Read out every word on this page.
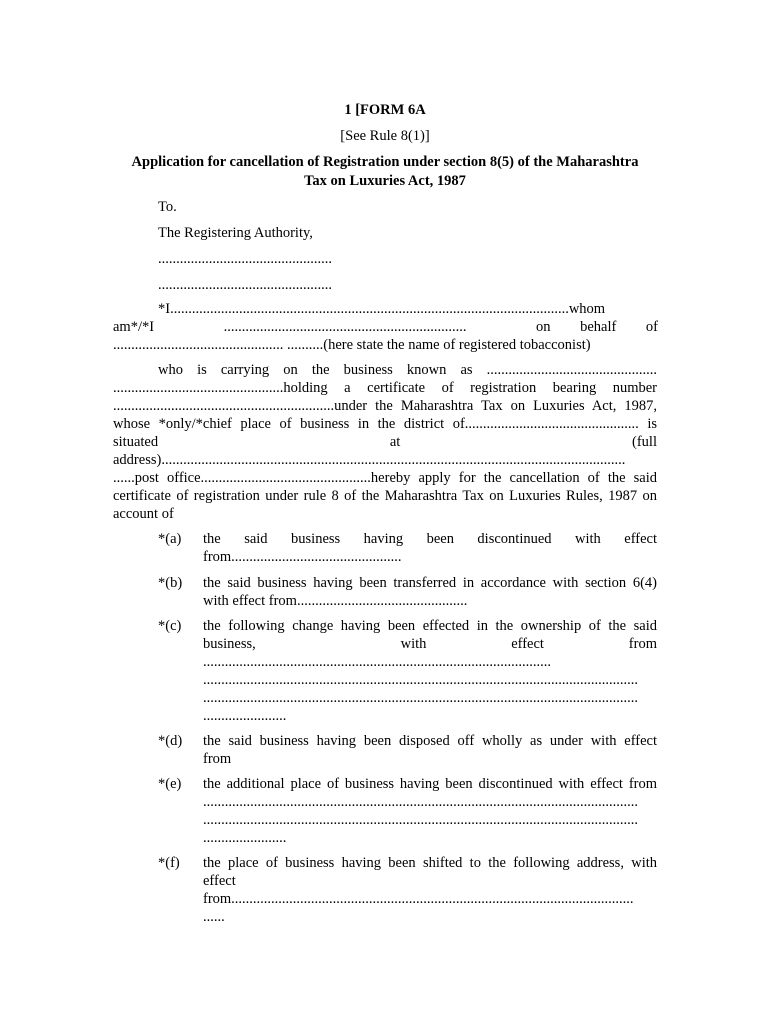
1 [FORM 6A
[See Rule 8(1)]
Application for cancellation of Registration under section 8(5) of the Maharashtra
Tax on Luxuries Act, 1987
To.
The Registering Authority,
................................................
................................................
*I..............................................................................................................whom
am*/*I	...................................................................	on behalf of
............................................... ..........(here state the name of registered tobacconist)
who is carrying on the business known as ...............................................
...............................................holding a certificate of registration bearing number
.............................................................under the Maharashtra Tax on Luxuries Act, 1987,
whose *only/*chief place of business in the district of................................................ is
situated	at	(full
address)................................................................................................................................
......post office...............................................hereby apply for the cancellation of the said
certificate of registration under rule 8 of the Maharashtra Tax on Luxuries Rules, 1987 on
account of
*(a) the said business having been discontinued with effect
from...............................................
*(b) the said business having been transferred in accordance with section 6(4)
with effect from...............................................
*(c) the following change having been effected in the ownership of the said
business,	with	effect	from
................................................................................................
........................................................................................................................
........................................................................................................................
.......................
*(d) the said business having been disposed off wholly as under with effect
from
*(e) the additional place of business having been discontinued with effect from
........................................................................................................................
........................................................................................................................
.......................
*(f) the place of business having been shifted to the following address, with
effect
from...............................................................................................................
......
